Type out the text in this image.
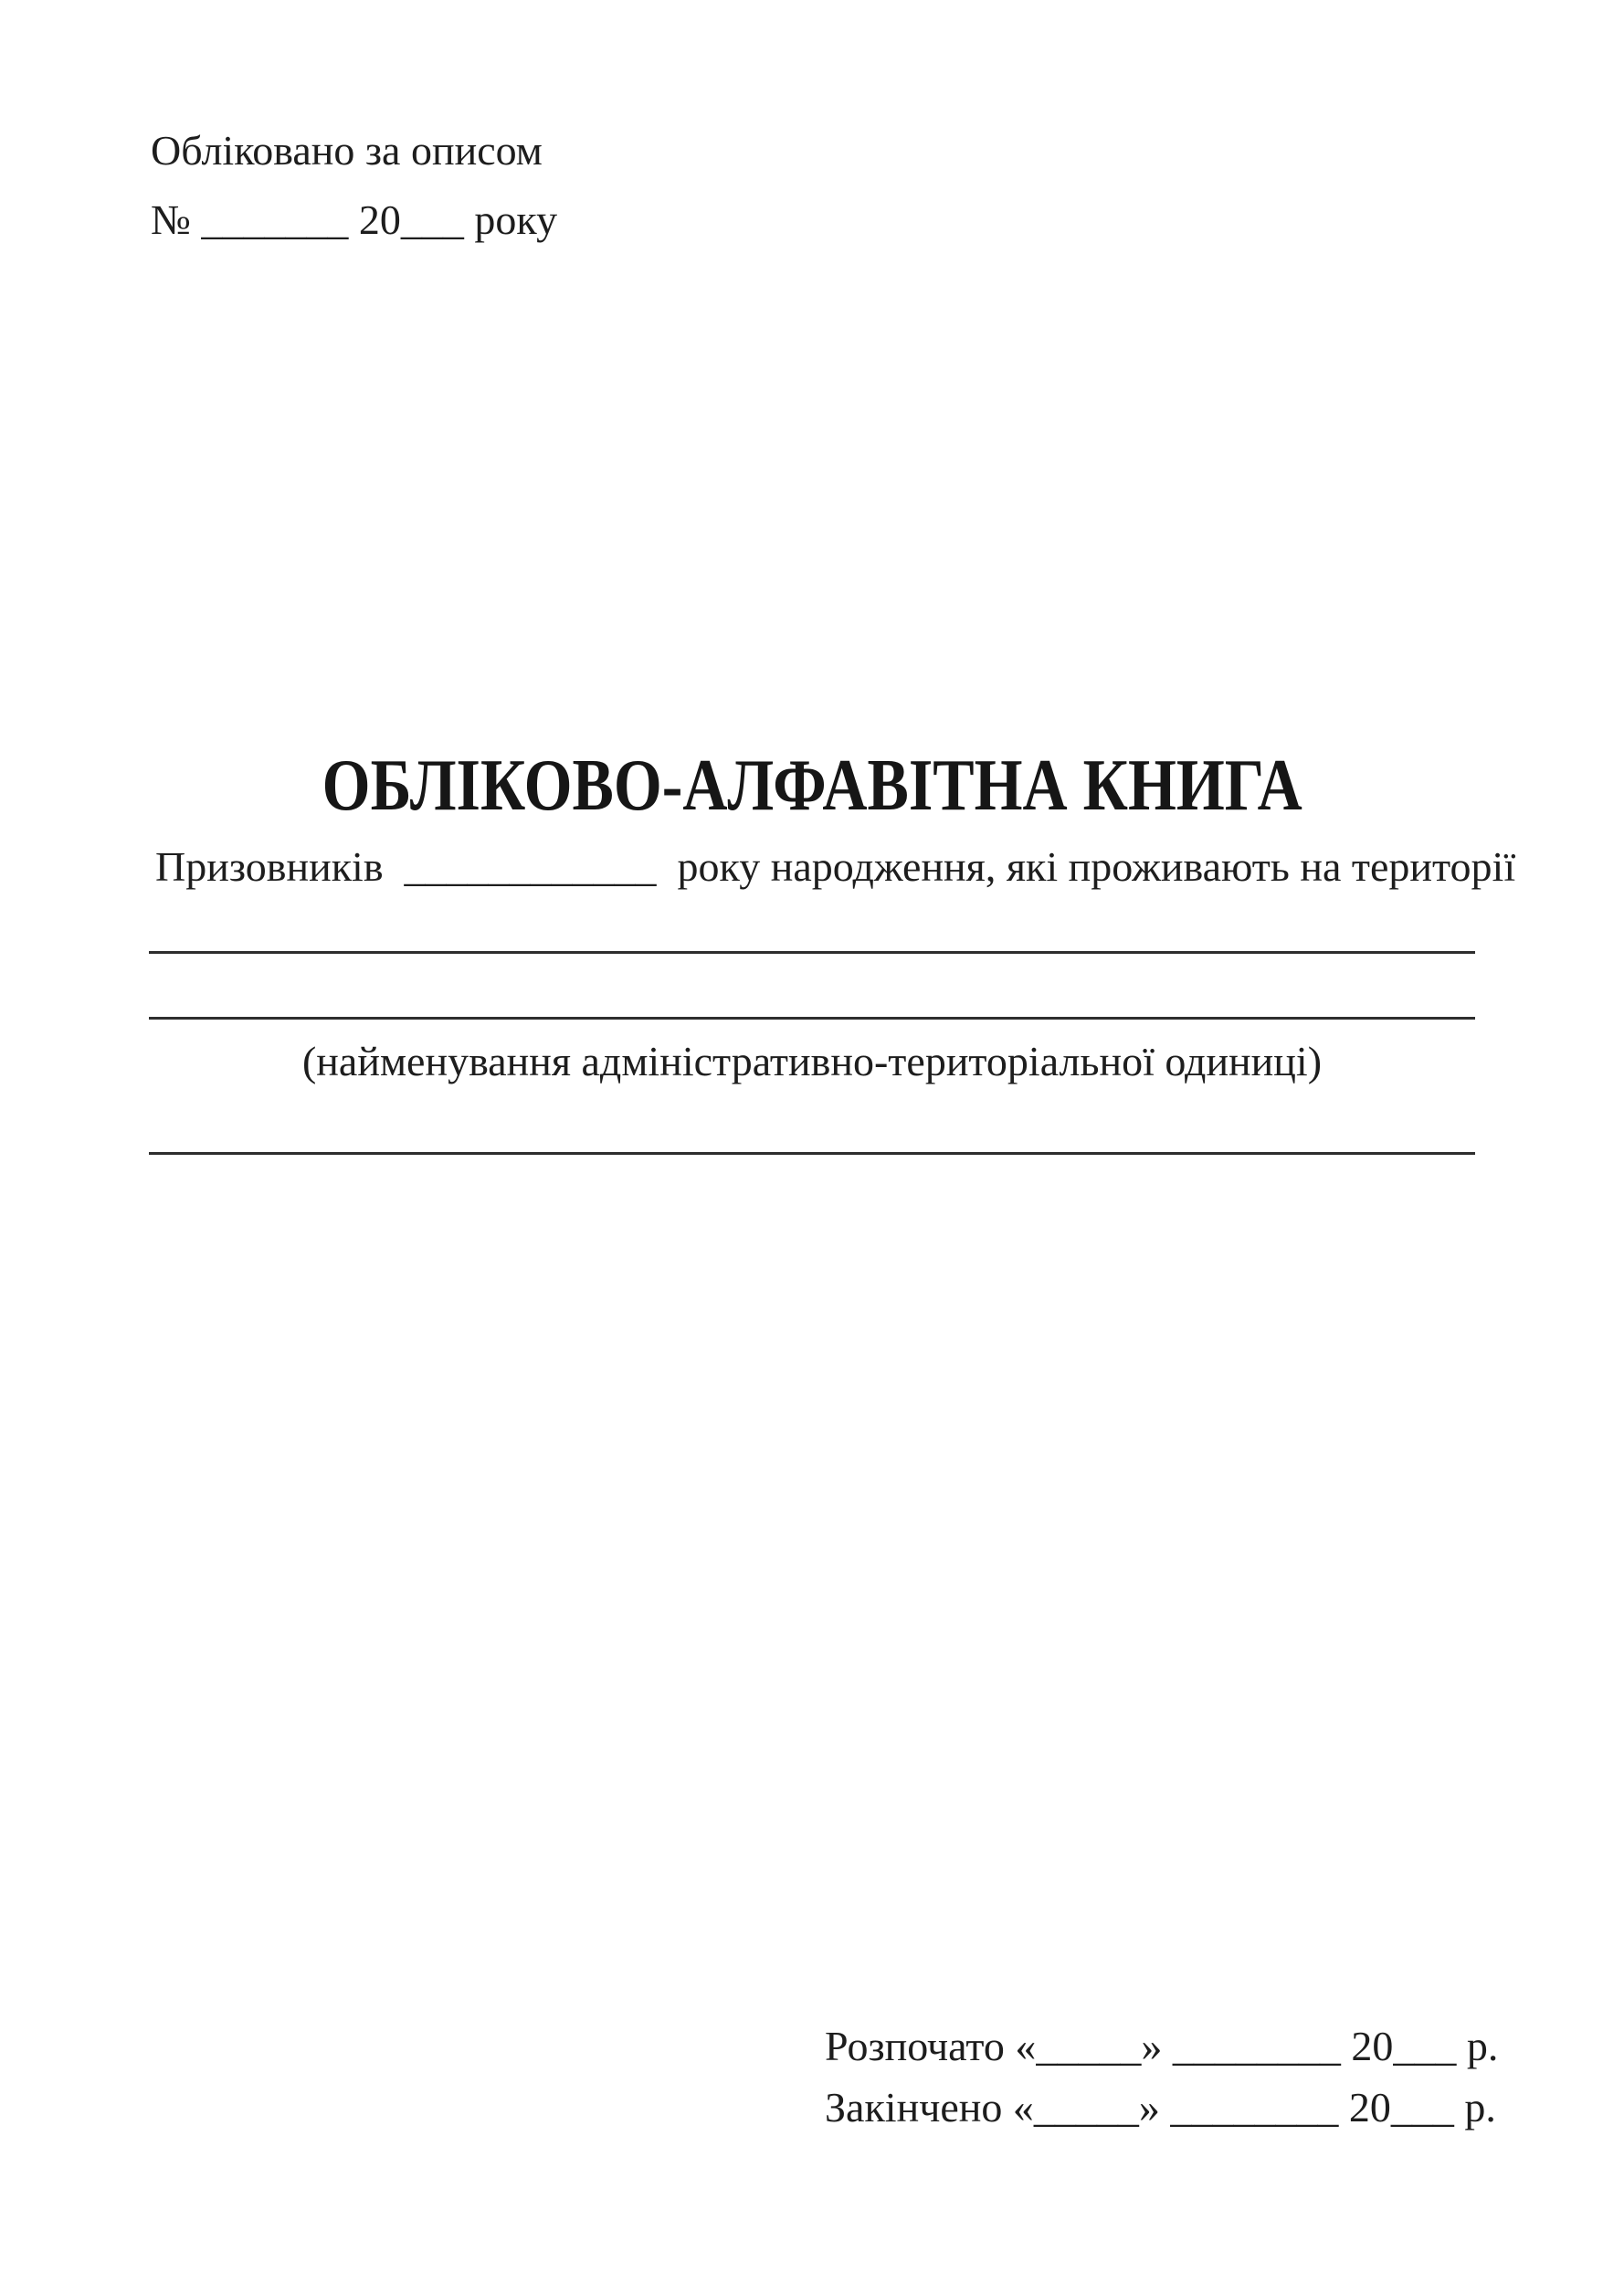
Обліковано за описом
№ _______ 20___ року
ОБЛІКОВО-АЛФАВІТНА КНИГА
Призовників  ____________  року народження, які проживають на території
(найменування адміністративно-територіальної одиниці)
Розпочато «_____» ________ 20___ р.
Закінчено «_____» ________ 20___ р.
